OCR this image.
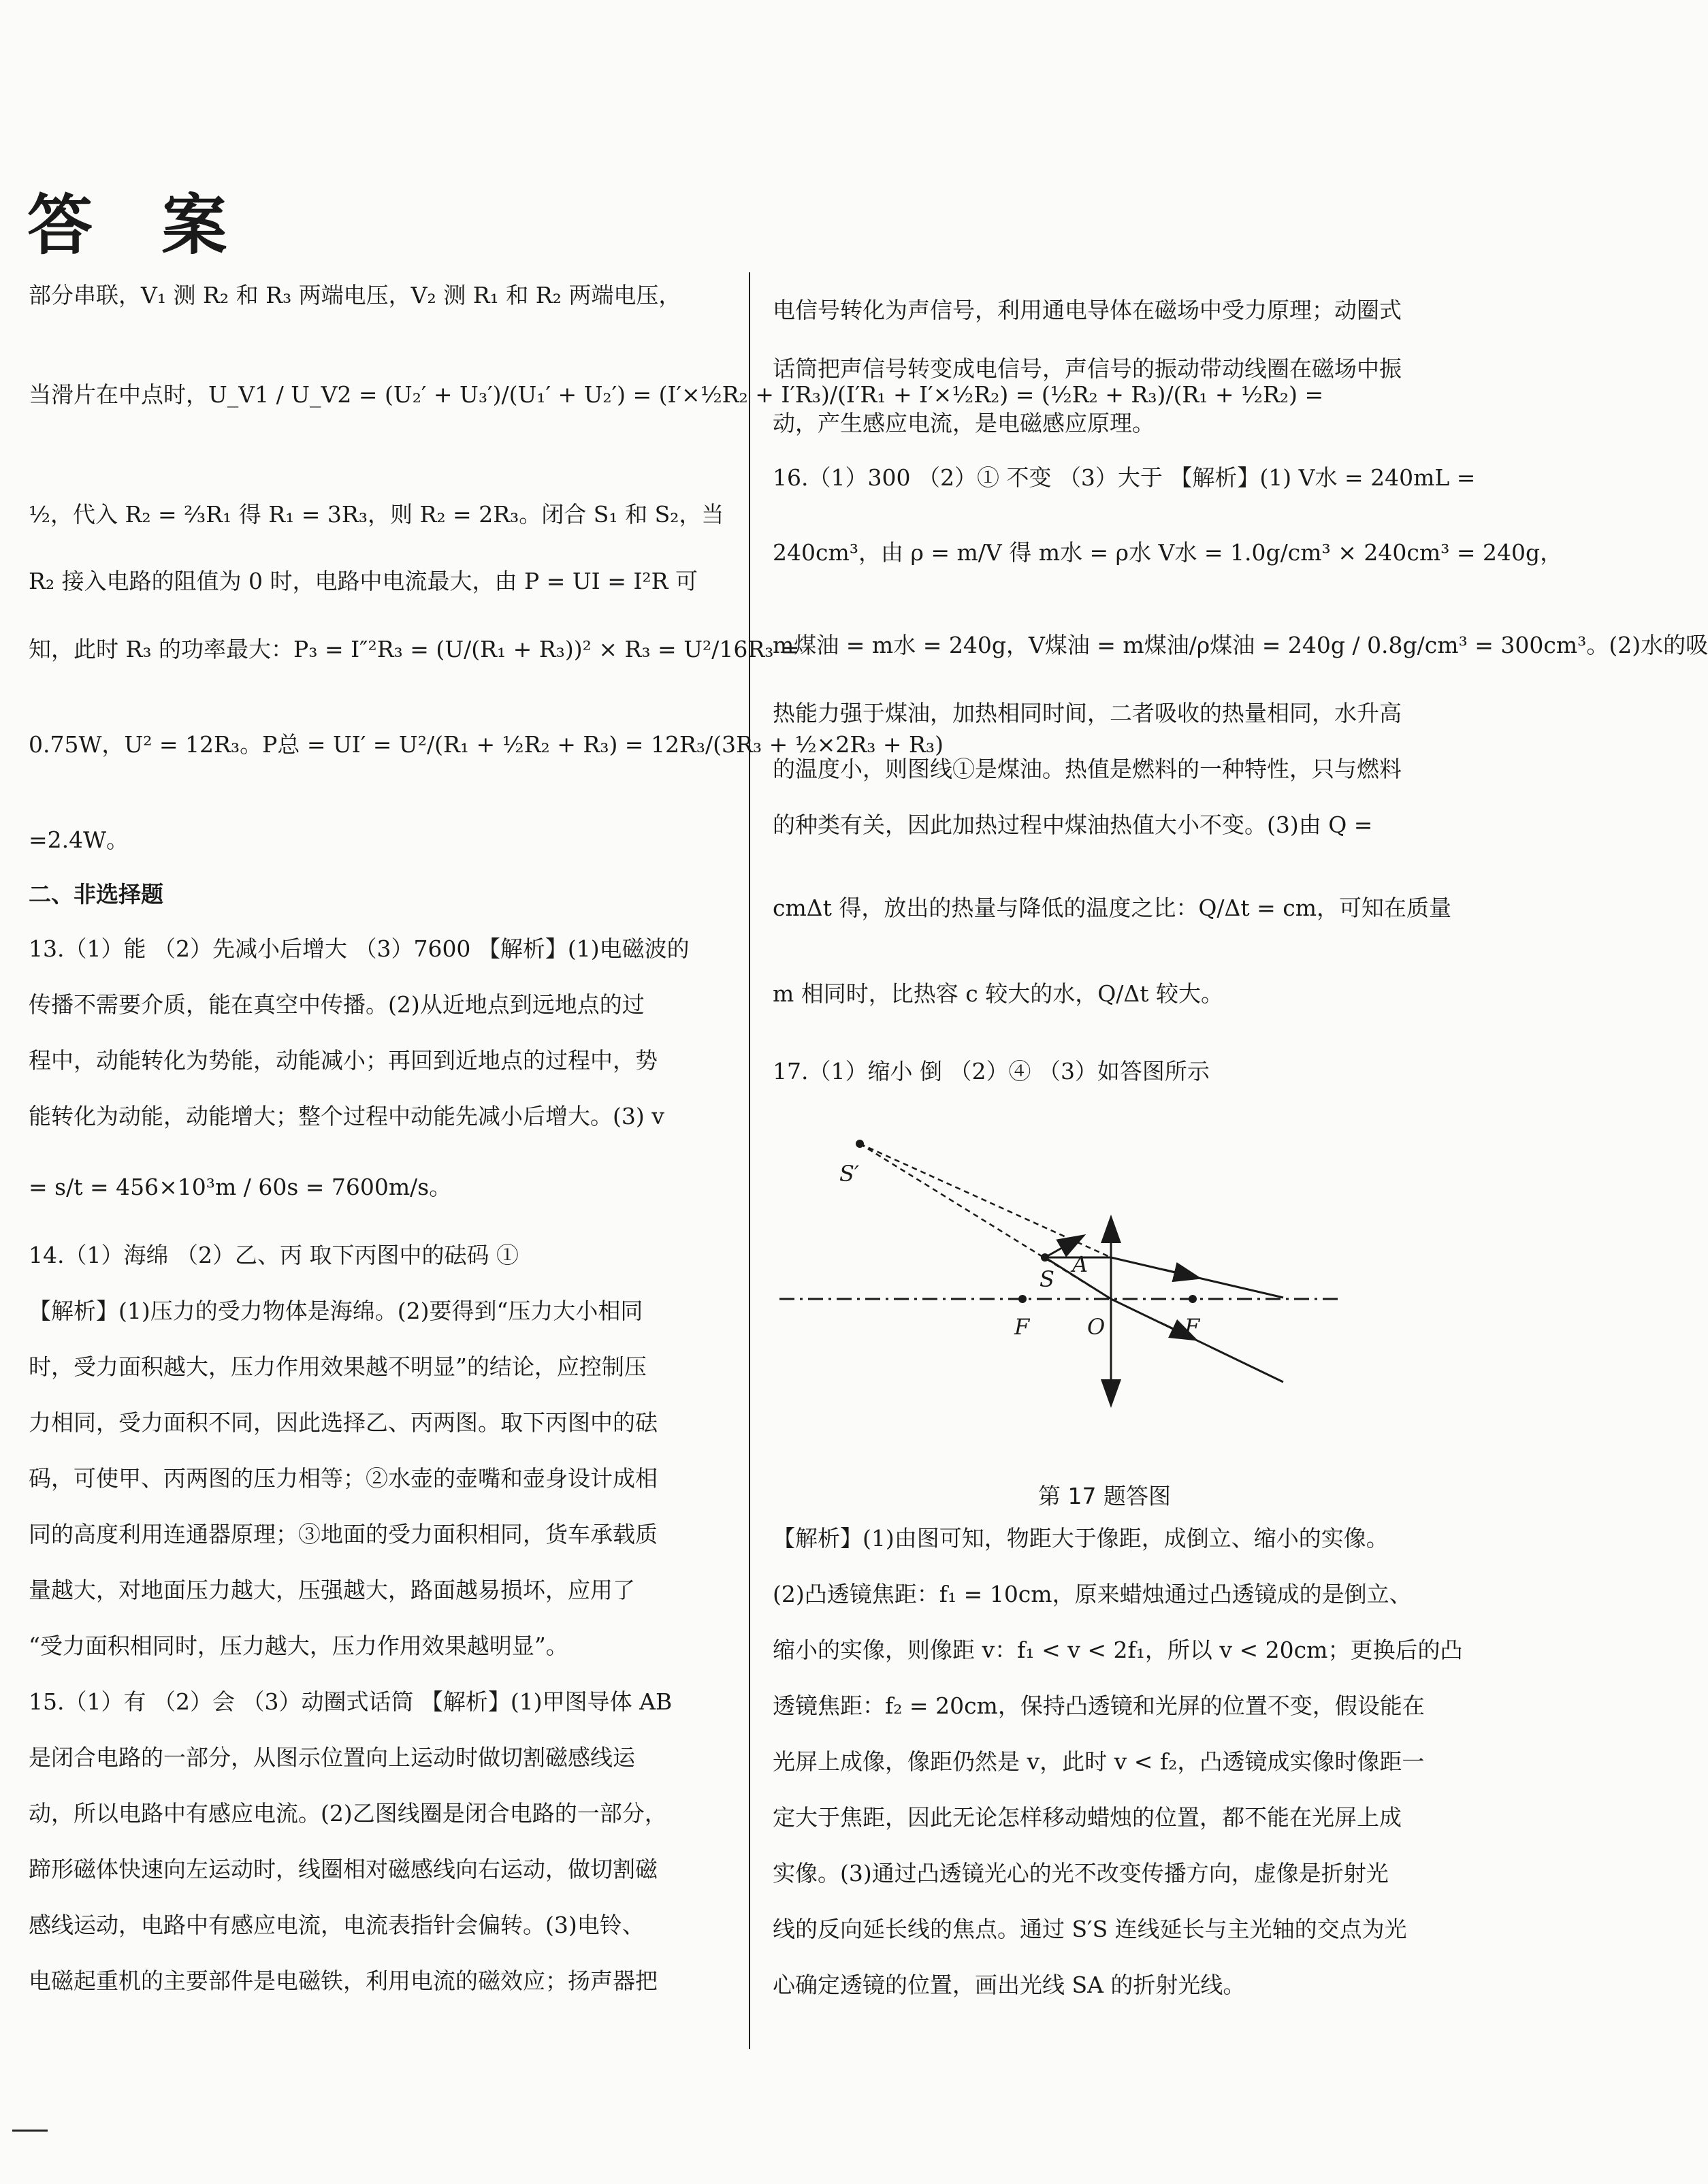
答 案
部分串联，V₁ 测 R₂ 和 R₃ 两端电压，V₂ 测 R₁ 和 R₂ 两端电压，
当滑片在中点时，U_V1 / U_V2 = (U₂′ + U₃′)/(U₁′ + U₂′) = (I′×½R₂ + I′R₃)/(I′R₁ + I′×½R₂) = (½R₂ + R₃)/(R₁ + ½R₂) =
½，代入 R₂ = ⅔R₁ 得 R₁ = 3R₃，则 R₂ = 2R₃。闭合 S₁ 和 S₂，当
R₂ 接入电路的阻值为 0 时，电路中电流最大，由 P = UI = I²R 可
知，此时 R₃ 的功率最大：P₃ = I″²R₃ = (U/(R₁ + R₃))² × R₃ = U²/16R₃ =
0.75W，U² = 12R₃。P总 = UI′ = U²/(R₁ + ½R₂ + R₃) = 12R₃/(3R₃ + ½×2R₃ + R₃)
=2.4W。
二、非选择题
13.（1）能 （2）先减小后增大 （3）7600 【解析】(1)电磁波的
传播不需要介质，能在真空中传播。(2)从近地点到远地点的过
程中，动能转化为势能，动能减小；再回到近地点的过程中，势
能转化为动能，动能增大；整个过程中动能先减小后增大。(3) v
= s/t = 456×10³m / 60s = 7600m/s。
14.（1）海绵 （2）乙、丙 取下丙图中的砝码 ①
【解析】(1)压力的受力物体是海绵。(2)要得到“压力大小相同
时，受力面积越大，压力作用效果越不明显”的结论，应控制压
力相同，受力面积不同，因此选择乙、丙两图。取下丙图中的砝
码，可使甲、丙两图的压力相等；②水壶的壶嘴和壶身设计成相
同的高度利用连通器原理；③地面的受力面积相同，货车承载质
量越大，对地面压力越大，压强越大，路面越易损坏，应用了
“受力面积相同时，压力越大，压力作用效果越明显”。
15.（1）有 （2）会 （3）动圈式话筒 【解析】(1)甲图导体 AB
是闭合电路的一部分，从图示位置向上运动时做切割磁感线运
动，所以电路中有感应电流。(2)乙图线圈是闭合电路的一部分，
蹄形磁体快速向左运动时，线圈相对磁感线向右运动，做切割磁
感线运动，电路中有感应电流，电流表指针会偏转。(3)电铃、
电磁起重机的主要部件是电磁铁，利用电流的磁效应；扬声器把
电信号转化为声信号，利用通电导体在磁场中受力原理；动圈式
话筒把声信号转变成电信号，声信号的振动带动线圈在磁场中振
动，产生感应电流，是电磁感应原理。
16.（1）300 （2）① 不变 （3）大于 【解析】(1) V水 = 240mL =
240cm³，由 ρ = m/V 得 m水 = ρ水 V水 = 1.0g/cm³ × 240cm³ = 240g，
m煤油 = m水 = 240g，V煤油 = m煤油/ρ煤油 = 240g / 0.8g/cm³ = 300cm³。(2)水的吸
热能力强于煤油，加热相同时间，二者吸收的热量相同，水升高
的温度小，则图线①是煤油。热值是燃料的一种特性，只与燃料
的种类有关，因此加热过程中煤油热值大小不变。(3)由 Q =
cmΔt 得，放出的热量与降低的温度之比：Q/Δt = cm，可知在质量
m 相同时，比热容 c 较大的水，Q/Δt 较大。
17.（1）缩小 倒 （2）④ （3）如答图所示
S′
S
A
F	O	F
第 17 题答图
【解析】(1)由图可知，物距大于像距，成倒立、缩小的实像。
(2)凸透镜焦距：f₁ = 10cm，原来蜡烛通过凸透镜成的是倒立、
缩小的实像，则像距 v：f₁ < v < 2f₁，所以 v < 20cm；更换后的凸
透镜焦距：f₂ = 20cm，保持凸透镜和光屏的位置不变，假设能在
光屏上成像，像距仍然是 v，此时 v < f₂，凸透镜成实像时像距一
定大于焦距，因此无论怎样移动蜡烛的位置，都不能在光屏上成
实像。(3)通过凸透镜光心的光不改变传播方向，虚像是折射光
线的反向延长线的焦点。通过 S′S 连线延长与主光轴的交点为光
心确定透镜的位置，画出光线 SA 的折射光线。
